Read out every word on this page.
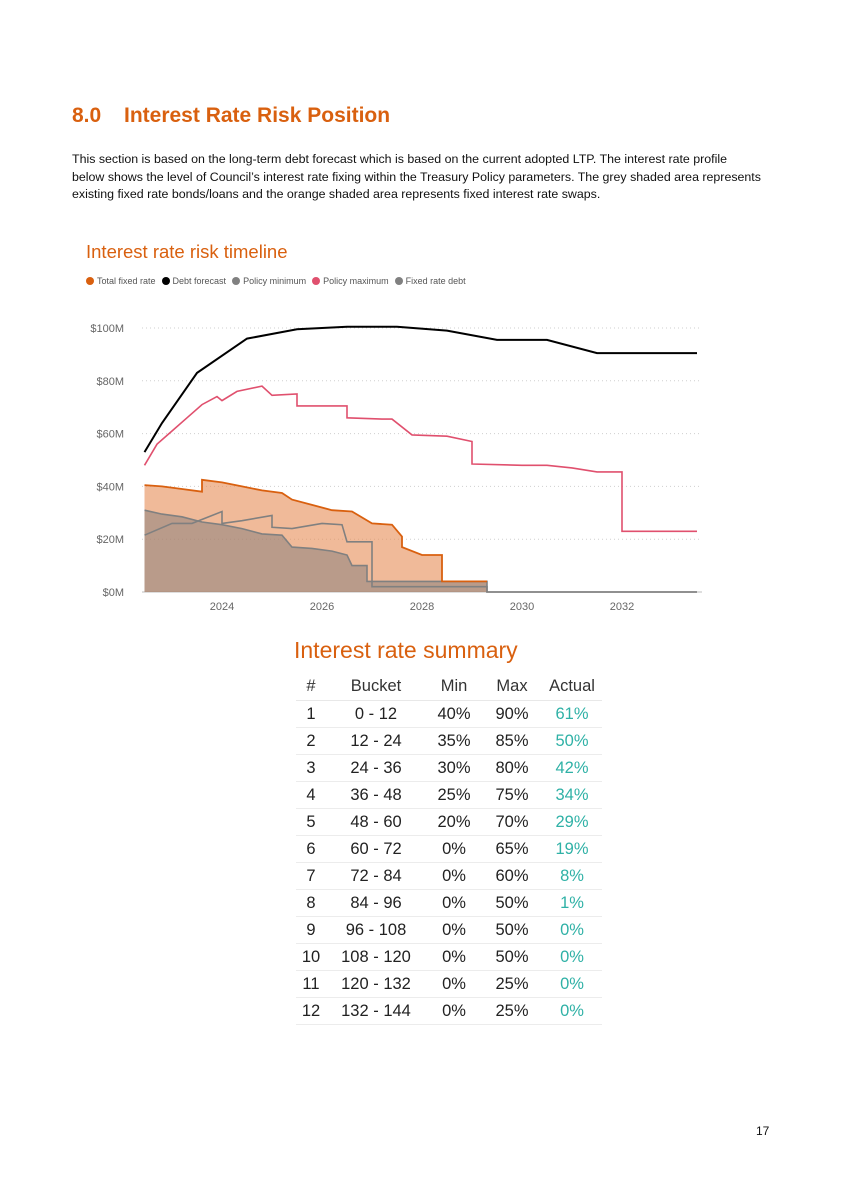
8.0 Interest Rate Risk Position

This section is based on the long-term debt forecast which is based on the current adopted LTP. The interest rate profile below shows the level of Council’s interest rate fixing within the Treasury Policy parameters. The grey shaded area represents existing fixed rate bonds/loans and the orange shaded area represents fixed interest rate swaps.

Interest rate risk timeline
Total fixed rate Debt forecast Policy minimum Policy maximum Fixed rate debt
$0M
$20M
$40M
$60M
$80M
$100M
2024	2026	2028	2030	2032
Interest rate summary
#	Bucket	Min	Max	Actual
1	0 - 12	40%	90%	61%
2	12 - 24	35%	85%	50%
3	24 - 36	30%	80%	42%
4	36 - 48	25%	75%	34%
5	48 - 60	20%	70%	29%
6	60 - 72	0%	65%	19%
7	72 - 84	0%	60%	8%
8	84 - 96	0%	50%	1%
9	96 - 108	0%	50%	0%
10	108 - 120	0%	50%	0%
11	120 - 132	0%	25%	0%
12	132 - 144	0%	25%	0%
17
